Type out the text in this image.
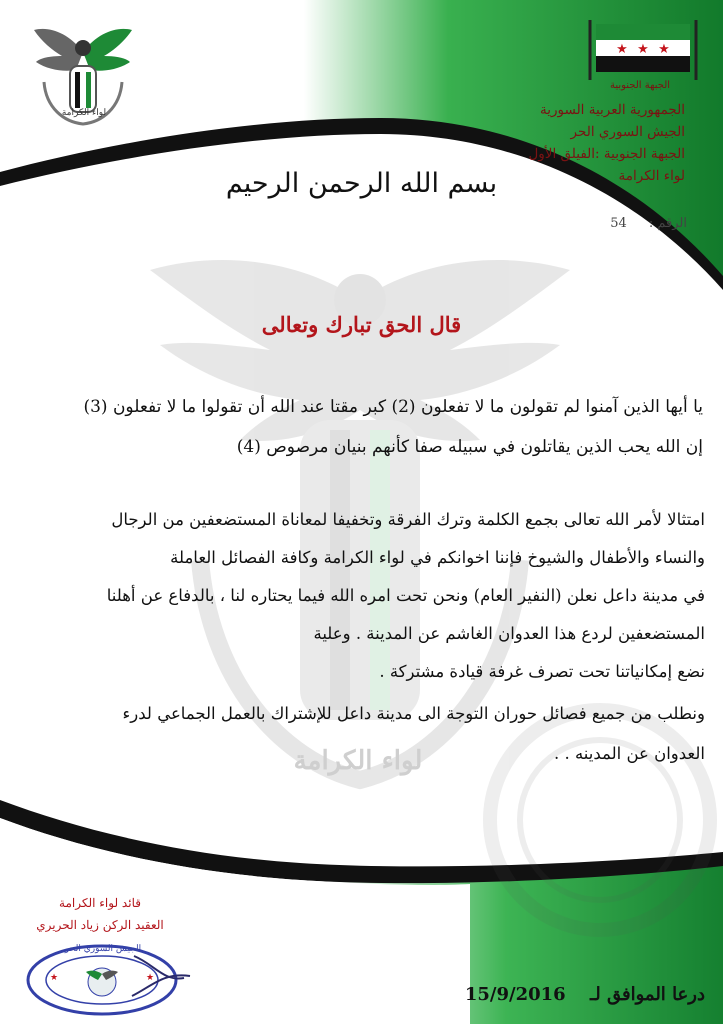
لواء الكرامة
لواء الكرامة
★ ★ ★
الجبهة الجنوبية
الجمهورية العربية السورية
الجيش السوري الحر
الجبهة الجنوبية :الفيلق الأول
لواء الكرامة
الرقم : 54
بسم الله الرحمن الرحيم
قال الحق تبارك وتعالى
يا أيها الذين آمنوا لم تقولون ما لا تفعلون (2) كبر مقتا عند الله أن تقولوا ما لا تفعلون (3)
إن الله يحب الذين يقاتلون في سبيله صفا كأنهم بنيان مرصوص (4)
امتثالا لأمر الله تعالى بجمع الكلمة وترك الفرقة وتخفيفا لمعاناة المستضعفين من الرجال
والنساء والأطفال والشيوخ فإننا اخوانكم في لواء الكرامة وكافة الفصائل العاملة
في مدينة داعل نعلن (النفير العام) ونحن تحت امره الله فيما يحتاره لنا ، بالدفاع عن أهلنا
المستضعفين لردع هذا العدوان الغاشم عن المدينة . وعلية
نضع إمكانياتنا تحت تصرف غرفة قيادة مشتركة .
ونطلب من جميع فصائل حوران التوجة الى مدينة داعل للإشتراك بالعمل الجماعي لدرء
العدوان عن المدينه . .
قائد لواء الكرامة
العقيد الركن زياد الحريري
★	★
الجيش السوري الحر
درعا الموافق لـ 15/9/2016
